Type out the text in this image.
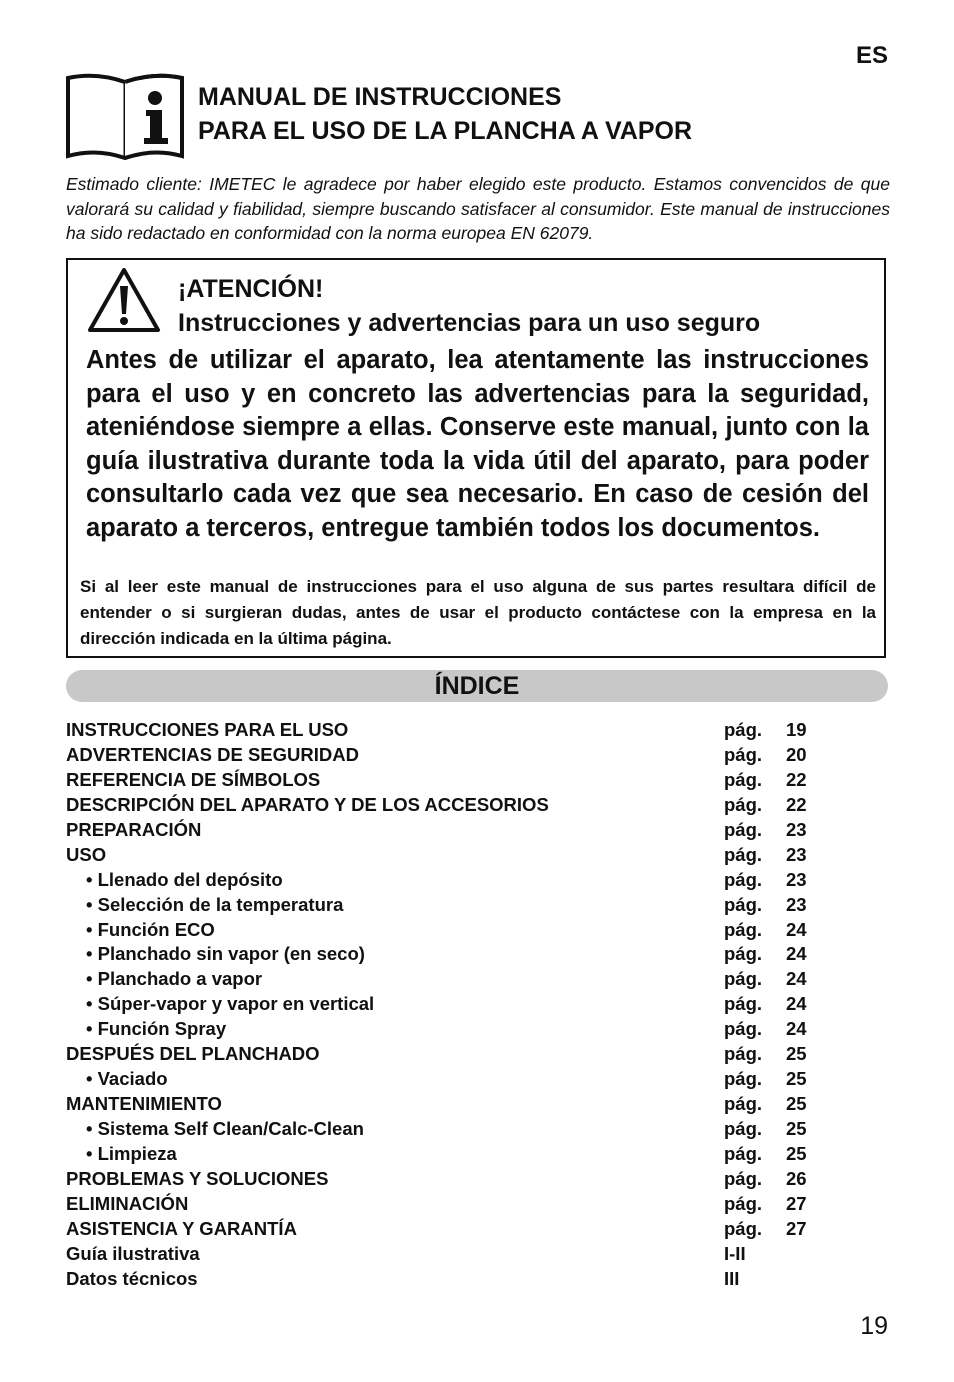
ES
MANUAL DE INSTRUCCIONES
PARA EL USO DE LA PLANCHA A VAPOR
Estimado cliente: IMETEC le agradece por haber elegido este producto. Estamos convencidos de que valorará su calidad y fiabilidad, siempre buscando satisfacer al consumidor. Este manual de instrucciones ha sido redactado en conformidad con la norma europea EN 62079.
¡ATENCIÓN!
Instrucciones y advertencias para un uso seguro
Antes de utilizar el aparato, lea atentamente las instrucciones para el uso y en concreto las advertencias para la seguridad, ateniéndose siempre a ellas. Conserve este manual, junto con la guía ilustrativa durante toda la vida útil del aparato, para poder consultarlo cada vez que sea necesario. En caso de cesión del aparato a terceros, entregue también todos los documentos.
Si al leer este manual de instrucciones para el uso alguna de sus partes resultara difícil de entender o si surgieran dudas, antes de usar el producto contáctese con la empresa en la dirección indicada en la última página.
ÍNDICE
INSTRUCCIONES PARA EL USO	pág. 19
ADVERTENCIAS DE SEGURIDAD	pág. 20
REFERENCIA DE SÍMBOLOS	pág. 22
DESCRIPCIÓN DEL APARATO Y DE LOS ACCESORIOS	pág. 22
PREPARACIÓN	pág. 23
USO	pág. 23
• Llenado del depósito	pág. 23
• Selección de la temperatura	pág. 23
• Función ECO	pág. 24
• Planchado sin vapor (en seco)	pág. 24
• Planchado a vapor	pág. 24
• Súper-vapor y vapor en vertical	pág. 24
• Función Spray	pág. 24
DESPUÉS DEL PLANCHADO	pág. 25
• Vaciado	pág. 25
MANTENIMIENTO	pág. 25
• Sistema Self Clean/Calc-Clean	pág. 25
• Limpieza	pág. 25
PROBLEMAS Y SOLUCIONES	pág. 26
ELIMINACIÓN	pág. 27
ASISTENCIA Y GARANTÍA	pág. 27
Guía ilustrativa	I-II
Datos técnicos	III
19
